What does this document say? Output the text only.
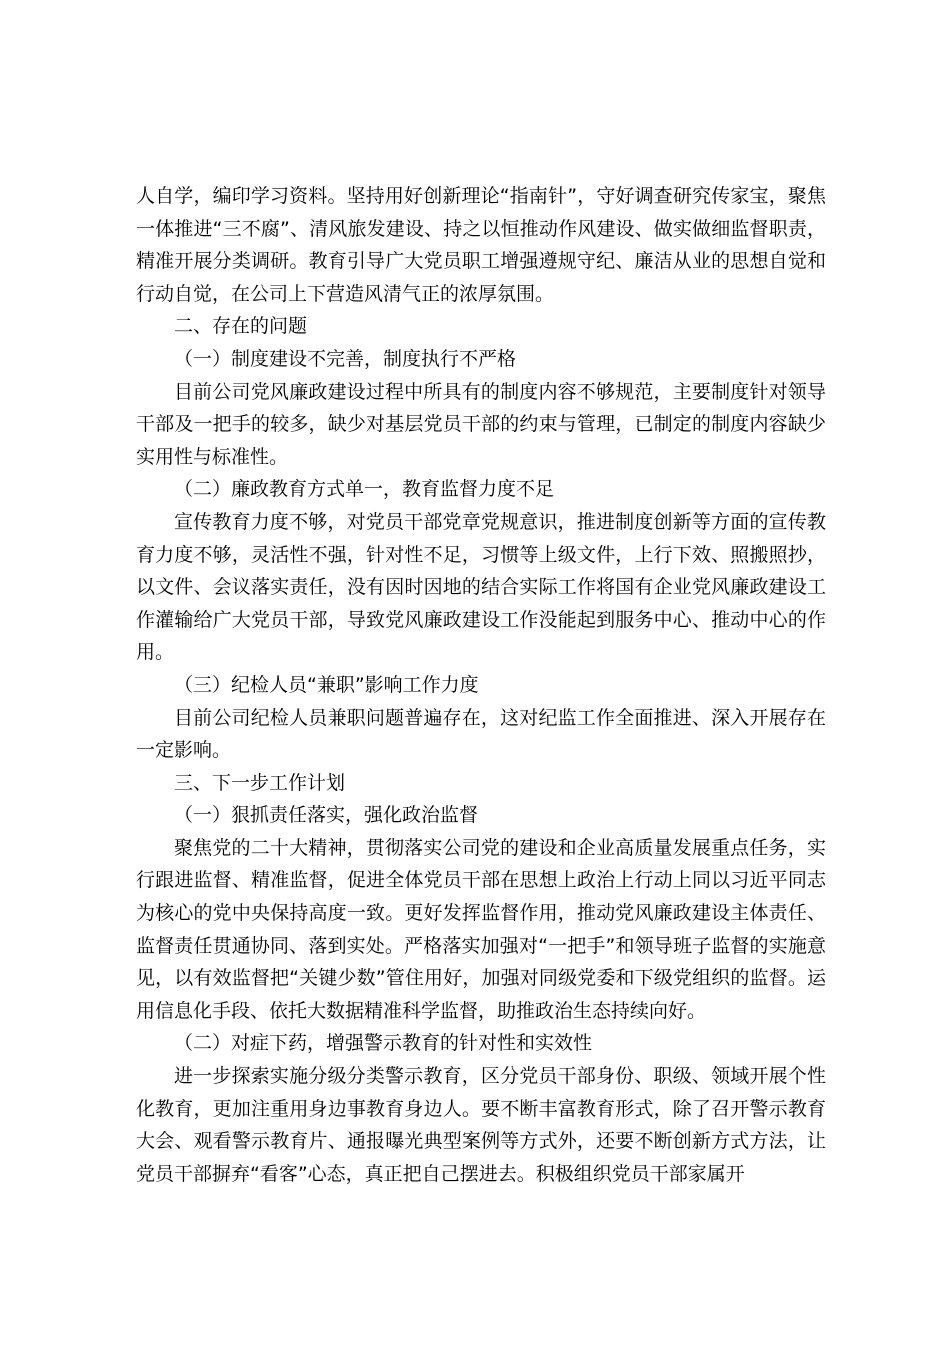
人自学，编印学习资料。坚持用好创新理论“指南针”，守好调查研究传家宝，聚焦一体推进“三不腐”、清风旅发建设、持之以恒推动作风建设、做实做细监督职责，精准开展分类调研。教育引导广大党员职工增强遵规守纪、廉洁从业的思想自觉和行动自觉，在公司上下营造风清气正的浓厚氛围。

二、存在的问题

（一）制度建设不完善，制度执行不严格

目前公司党风廉政建设过程中所具有的制度内容不够规范，主要制度针对领导干部及一把手的较多，缺少对基层党员干部的约束与管理，已制定的制度内容缺少实用性与标准性。

（二）廉政教育方式单一，教育监督力度不足

宣传教育力度不够，对党员干部党章党规意识，推进制度创新等方面的宣传教育力度不够，灵活性不强，针对性不足，习惯等上级文件，上行下效、照搬照抄，以文件、会议落实责任，没有因时因地的结合实际工作将国有企业党风廉政建设工作灌输给广大党员干部，导致党风廉政建设工作没能起到服务中心、推动中心的作用。

（三）纪检人员“兼职”影响工作力度

目前公司纪检人员兼职问题普遍存在，这对纪监工作全面推进、深入开展存在一定影响。

三、下一步工作计划

（一）狠抓责任落实，强化政治监督

聚焦党的二十大精神，贯彻落实公司党的建设和企业高质量发展重点任务，实行跟进监督、精准监督，促进全体党员干部在思想上政治上行动上同以习近平同志为核心的党中央保持高度一致。更好发挥监督作用，推动党风廉政建设主体责任、监督责任贯通协同、落到实处。严格落实加强对“一把手”和领导班子监督的实施意见，以有效监督把“关键少数”管住用好，加强对同级党委和下级党组织的监督。运用信息化手段、依托大数据精准科学监督，助推政治生态持续向好。

（二）对症下药，增强警示教育的针对性和实效性

进一步探索实施分级分类警示教育，区分党员干部身份、职级、领域开展个性化教育，更加注重用身边事教育身边人。要不断丰富教育形式，除了召开警示教育大会、观看警示教育片、通报曝光典型案例等方式外，还要不断创新方式方法，让党员干部摒弃“看客”心态，真正把自己摆进去。积极组织党员干部家属开
